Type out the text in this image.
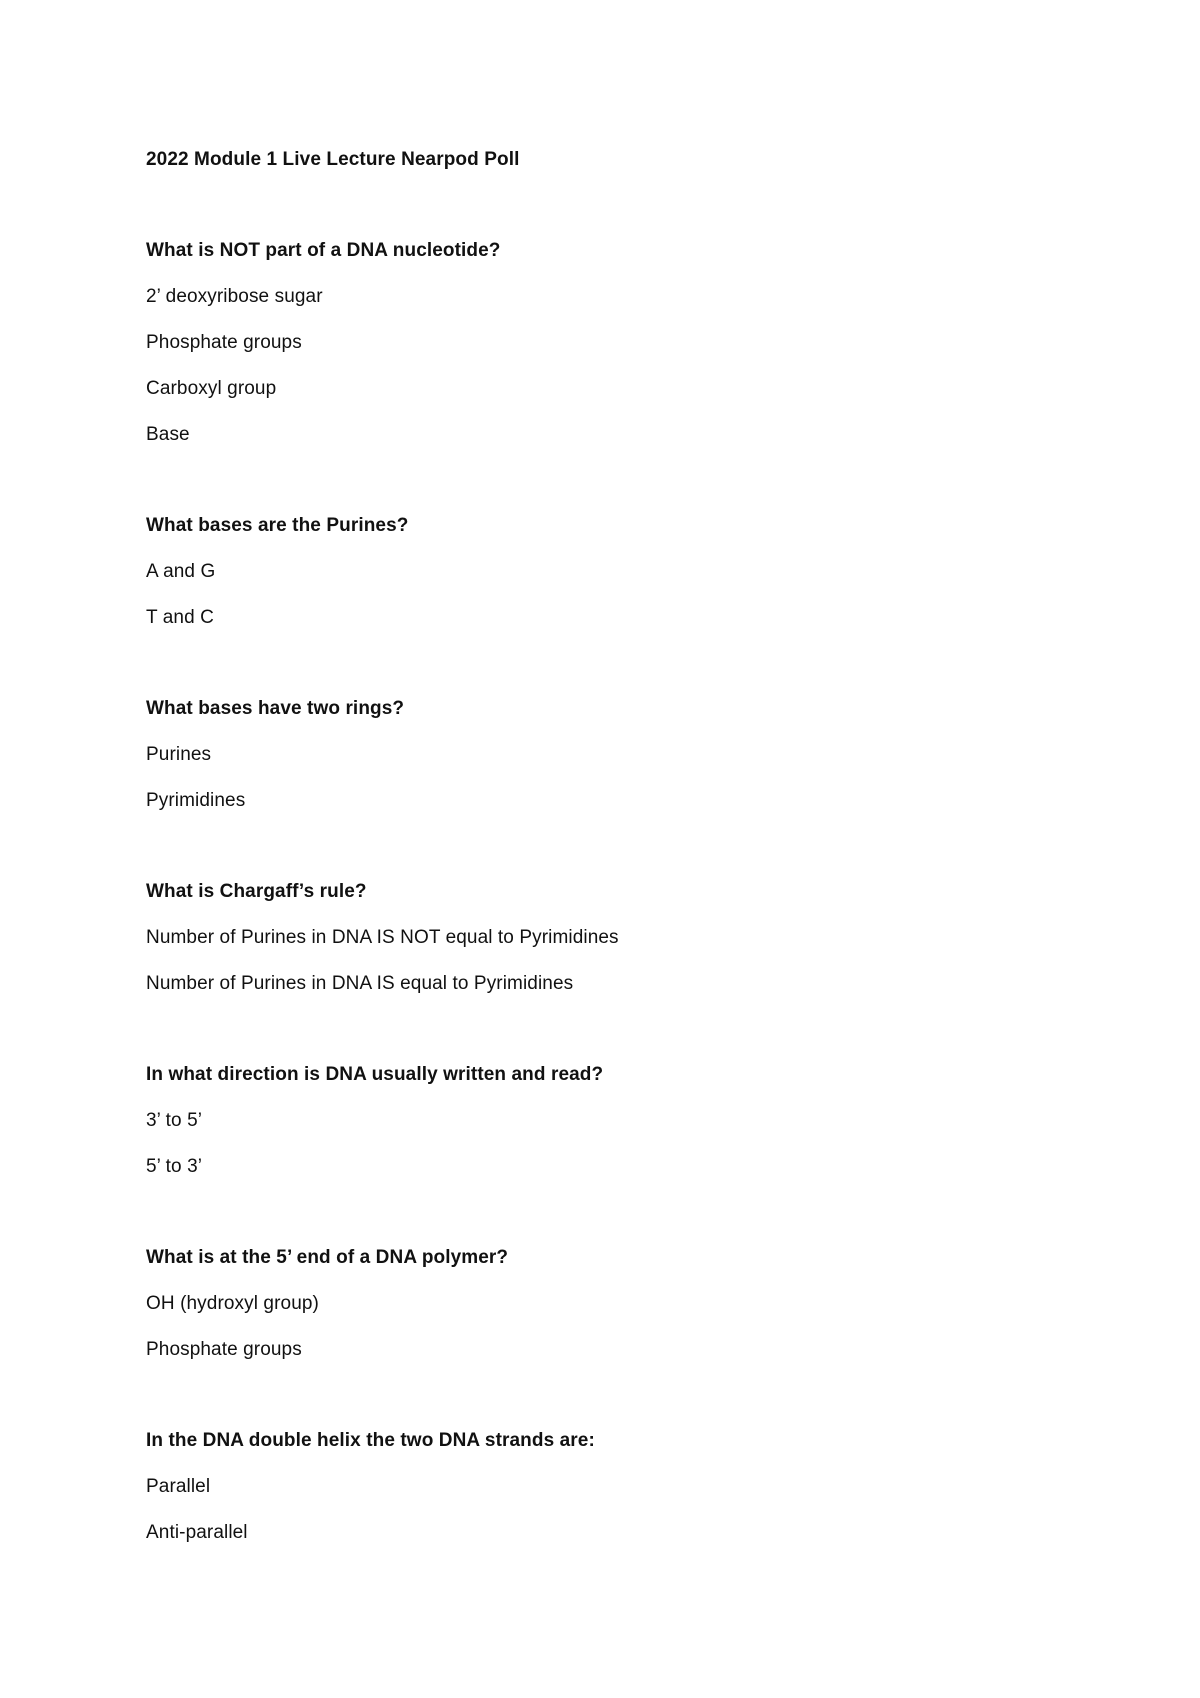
2022 Module 1 Live Lecture Nearpod Poll
What is NOT part of a DNA nucleotide?
2’ deoxyribose sugar
Phosphate groups
Carboxyl group
Base
What bases are the Purines?
A and G
T and C
What bases have two rings?
Purines
Pyrimidines
What is Chargaff’s rule?
Number of Purines in DNA IS NOT equal to Pyrimidines
Number of Purines in DNA IS equal to Pyrimidines
In what direction is DNA usually written and read?
3’ to 5’
5’ to 3’
What is at the 5’ end of a DNA polymer?
OH (hydroxyl group)
Phosphate groups
In the DNA double helix the two DNA strands are:
Parallel
Anti-parallel
